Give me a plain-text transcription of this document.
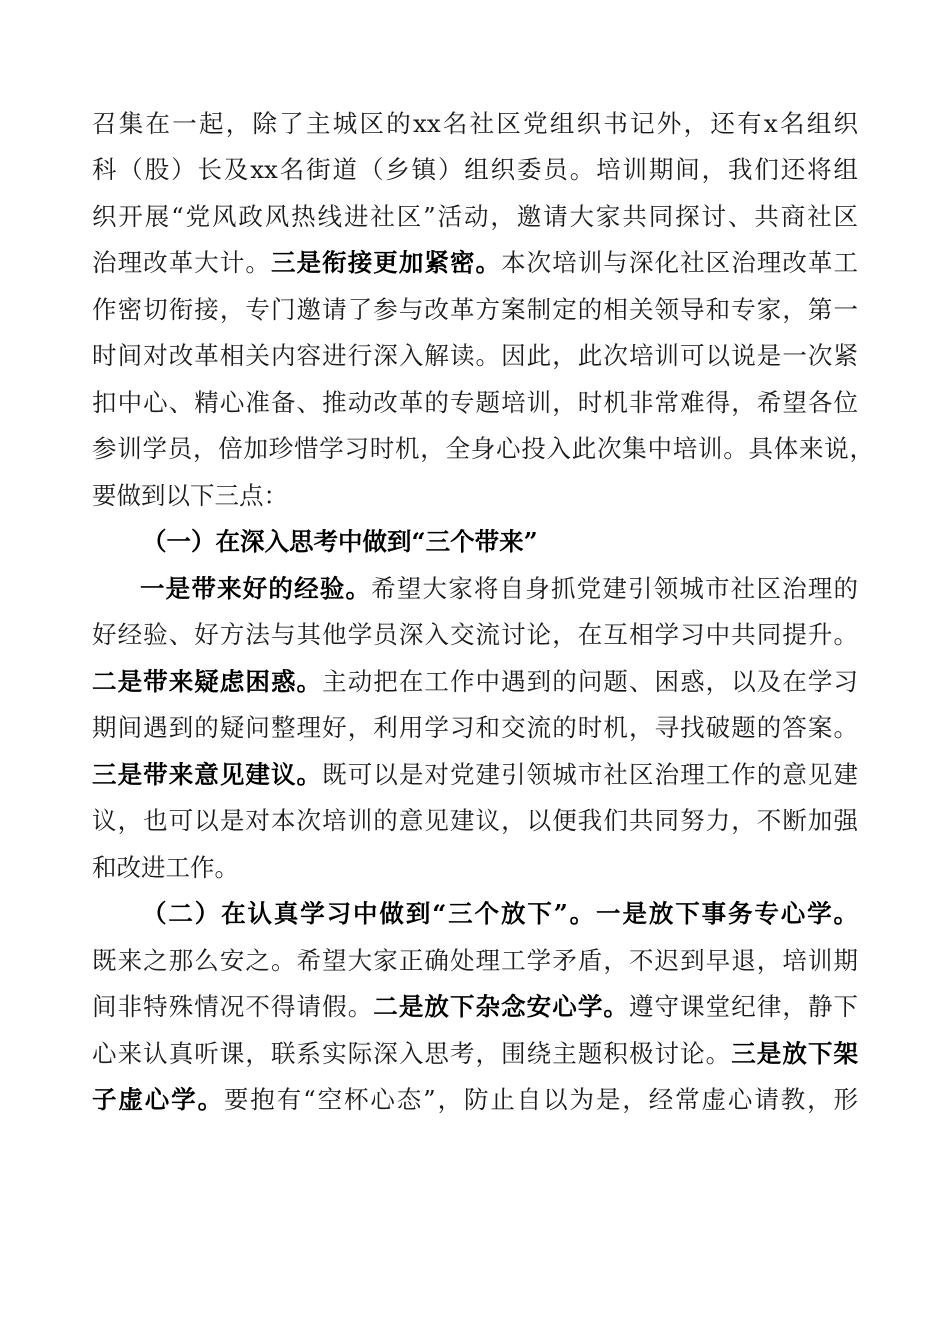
召集在一起，除了主城区的xx名社区党组织书记外，还有x名组织
科（股）长及xx名街道（乡镇）组织委员。培训期间，我们还将组
织开展“党风政风热线进社区”活动，邀请大家共同探讨、共商社区
治理改革大计。三是衔接更加紧密。本次培训与深化社区治理改革工
作密切衔接，专门邀请了参与改革方案制定的相关领导和专家，第一
时间对改革相关内容进行深入解读。因此，此次培训可以说是一次紧
扣中心、精心准备、推动改革的专题培训，时机非常难得，希望各位
参训学员，倍加珍惜学习时机，全身心投入此次集中培训。具体来说，
要做到以下三点：
（一）在深入思考中做到“三个带来”
一是带来好的经验。希望大家将自身抓党建引领城市社区治理的
好经验、好方法与其他学员深入交流讨论，在互相学习中共同提升。
二是带来疑虑困惑。主动把在工作中遇到的问题、困惑，以及在学习
期间遇到的疑问整理好，利用学习和交流的时机，寻找破题的答案。
三是带来意见建议。既可以是对党建引领城市社区治理工作的意见建
议，也可以是对本次培训的意见建议，以便我们共同努力，不断加强
和改进工作。
（二）在认真学习中做到“三个放下”。一是放下事务专心学。
既来之那么安之。希望大家正确处理工学矛盾，不迟到早退，培训期
间非特殊情况不得请假。二是放下杂念安心学。遵守课堂纪律，静下
心来认真听课，联系实际深入思考，围绕主题积极讨论。三是放下架
子虚心学。要抱有“空杯心态”，防止自以为是，经常虚心请教，形
